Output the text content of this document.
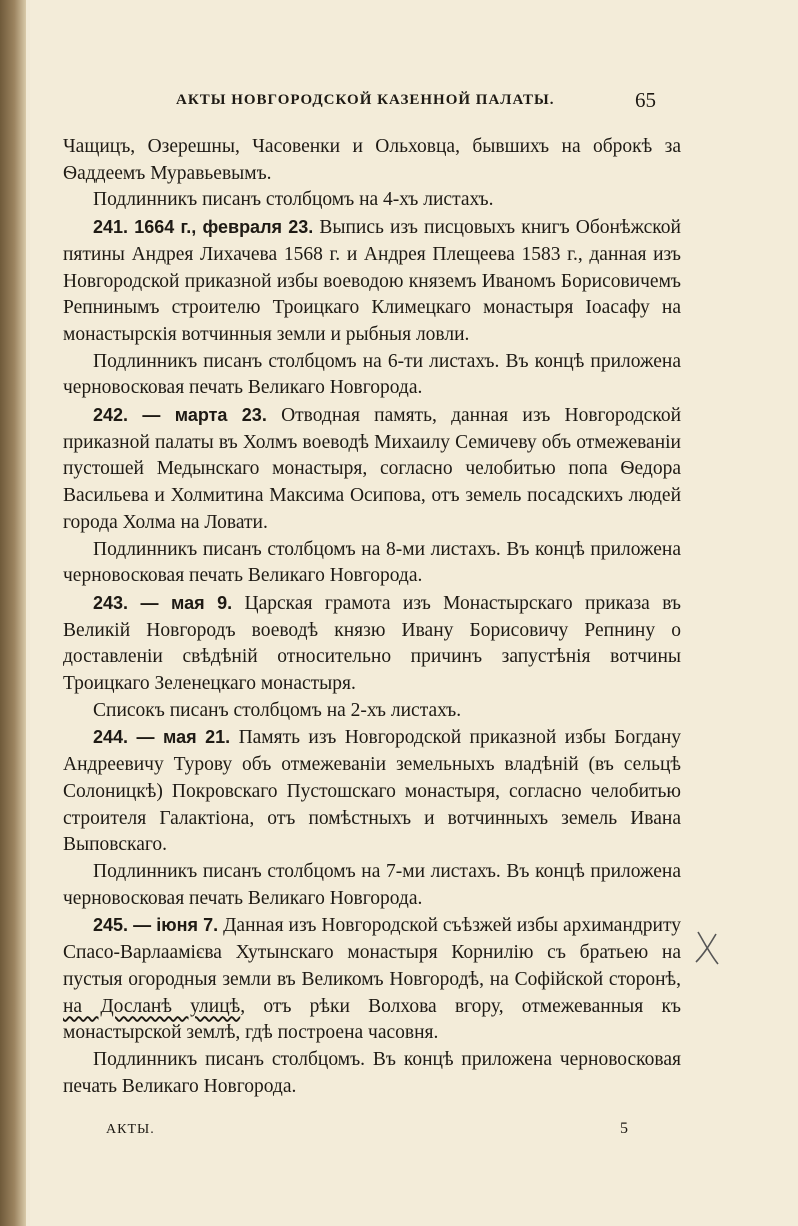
АКТЫ НОВГОРОДСКОЙ КАЗЕННОЙ ПАЛАТЫ.	65

Чащицъ, Озерешны, Часовенки и Ольховца, бывшихъ на оброкѣ за Ѳаддеемъ Муравьевымъ.

Подлинникъ писанъ столбцомъ на 4-хъ листахъ.

241. 1664 г., февраля 23. Выпись изъ писцовыхъ книгъ Обонѣжской пятины Андрея Лихачева 1568 г. и Андрея Плещеева 1583 г., данная изъ Новгородской приказной избы воеводою княземъ Иваномъ Борисовичемъ Репнинымъ строителю Троицкаго Климецкаго монастыря Іоасафу на монастырскія вотчинныя земли и рыбныя ловли.

Подлинникъ писанъ столбцомъ на 6-ти листахъ. Въ концѣ приложена черновосковая печать Великаго Новгорода.

242. — марта 23. Отводная память, данная изъ Новгородской приказной палаты въ Холмъ воеводѣ Михаилу Семичеву объ отмежеваніи пустошей Медынскаго монастыря, согласно челобитью попа Ѳедора Васильева и Холмитина Максима Осипова, отъ земель посадскихъ людей города Холма на Ловати.

Подлинникъ писанъ столбцомъ на 8-ми листахъ. Въ концѣ приложена черновосковая печать Великаго Новгорода.

243. — мая 9. Царская грамота изъ Монастырскаго приказа въ Великій Новгородъ воеводѣ князю Ивану Борисовичу Репнину о доставленіи свѣдѣній относительно причинъ запустѣнія вотчины Троицкаго Зеленецкаго монастыря.

Списокъ писанъ столбцомъ на 2-хъ листахъ.

244. — мая 21. Память изъ Новгородской приказной избы Богдану Андреевичу Турову объ отмежеваніи земельныхъ владѣній (въ сельцѣ Солоницкѣ) Покровскаго Пустошскаго монастыря, согласно челобитью строителя Галактіона, отъ помѣстныхъ и вотчинныхъ земель Ивана Выповскаго.

Подлинникъ писанъ столбцомъ на 7-ми листахъ. Въ концѣ приложена черновосковая печать Великаго Новгорода.

245. — іюня 7. Данная изъ Новгородской съѣзжей избы архимандриту Спасо-Варлаамієва Хутынскаго монастыря Корнилію съ братьею на пустыя огородныя земли въ Великомъ Новгородѣ, на Софійской сторонѣ, на Досланѣ улицѣ, отъ рѣки Волхова вгору, отмежеванныя къ монастырской землѣ, гдѣ построена часовня.

Подлинникъ писанъ столбцомъ. Въ концѣ приложена черновосковая печать Великаго Новгорода.

АКТЫ.	5
